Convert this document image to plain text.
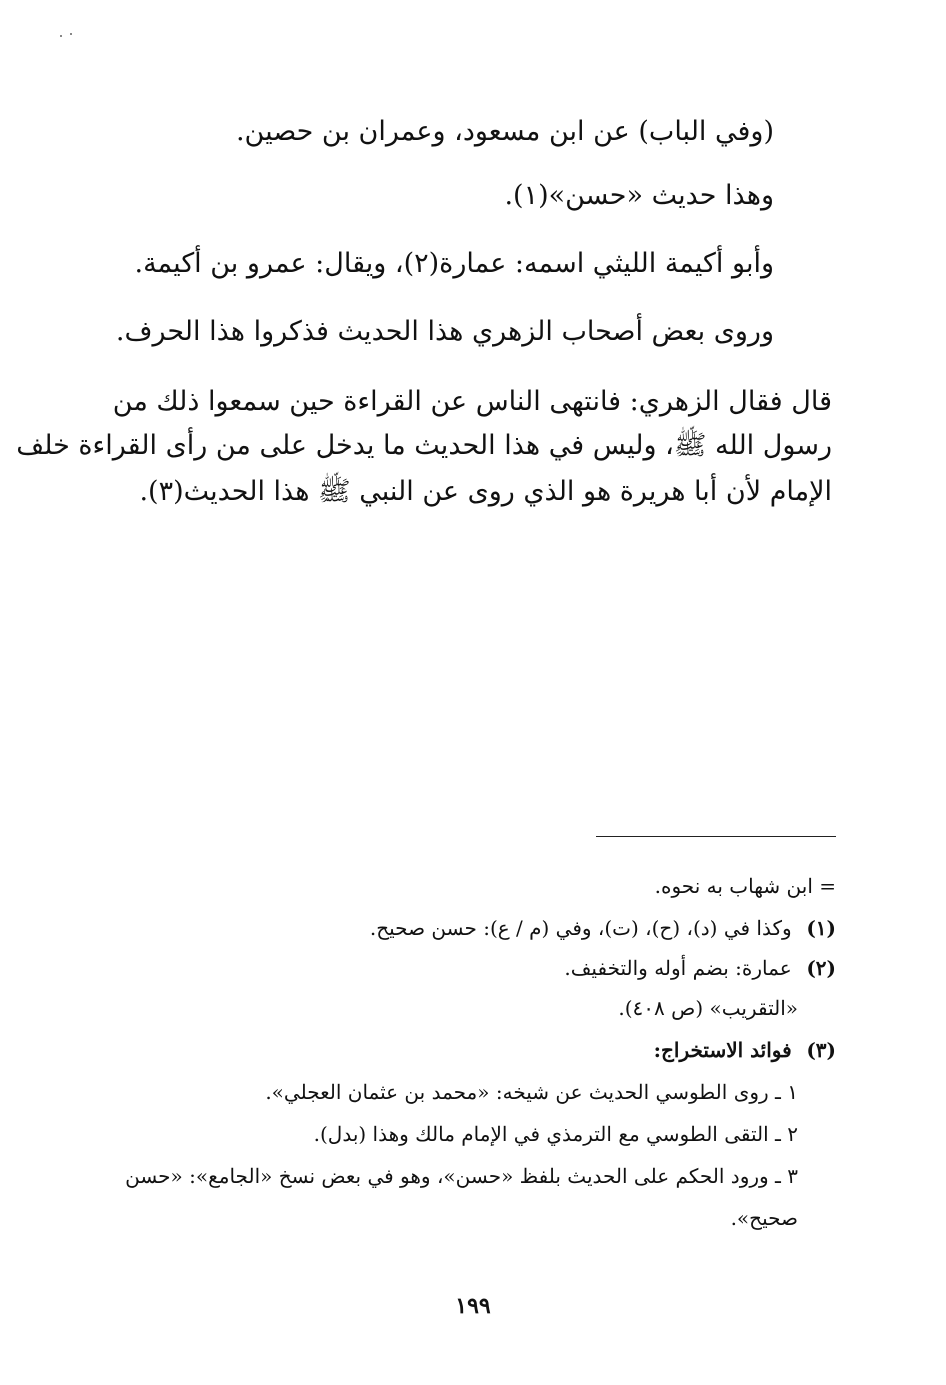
(وفي الباب) عن ابن مسعود، وعمران بن حصين.

وهذا حديث «حسن»(١).

وأبو أكيمة الليثي اسمه: عمارة(٢)، ويقال: عمرو بن أكيمة.

وروى بعض أصحاب الزهري هذا الحديث فذكروا هذا الحرف.

قال فقال الزهري: فانتهى الناس عن القراءة حين سمعوا ذلك من

رسول الله ﷺ، وليس في هذا الحديث ما يدخل على من رأى القراءة خلف

الإمام لأن أبا هريرة هو الذي روى عن النبي ﷺ هذا الحديث(٣).

= ابن شهاب به نحوه.

(١) وكذا في (د)، (ح)، (ت)، وفي (م / ع): حسن صحيح.

(٢) عمارة: بضم أوله والتخفيف.

«التقريب» (ص ٤٠٨).

(٣) فوائد الاستخراج:

١ ـ روى الطوسي الحديث عن شيخه: «محمد بن عثمان العجلي».

٢ ـ التقى الطوسي مع الترمذي في الإمام مالك وهذا (بدل).

٣ ـ ورود الحكم على الحديث بلفظ «حسن»، وهو في بعض نسخ «الجامع»: «حسن

صحيح».

١٩٩
